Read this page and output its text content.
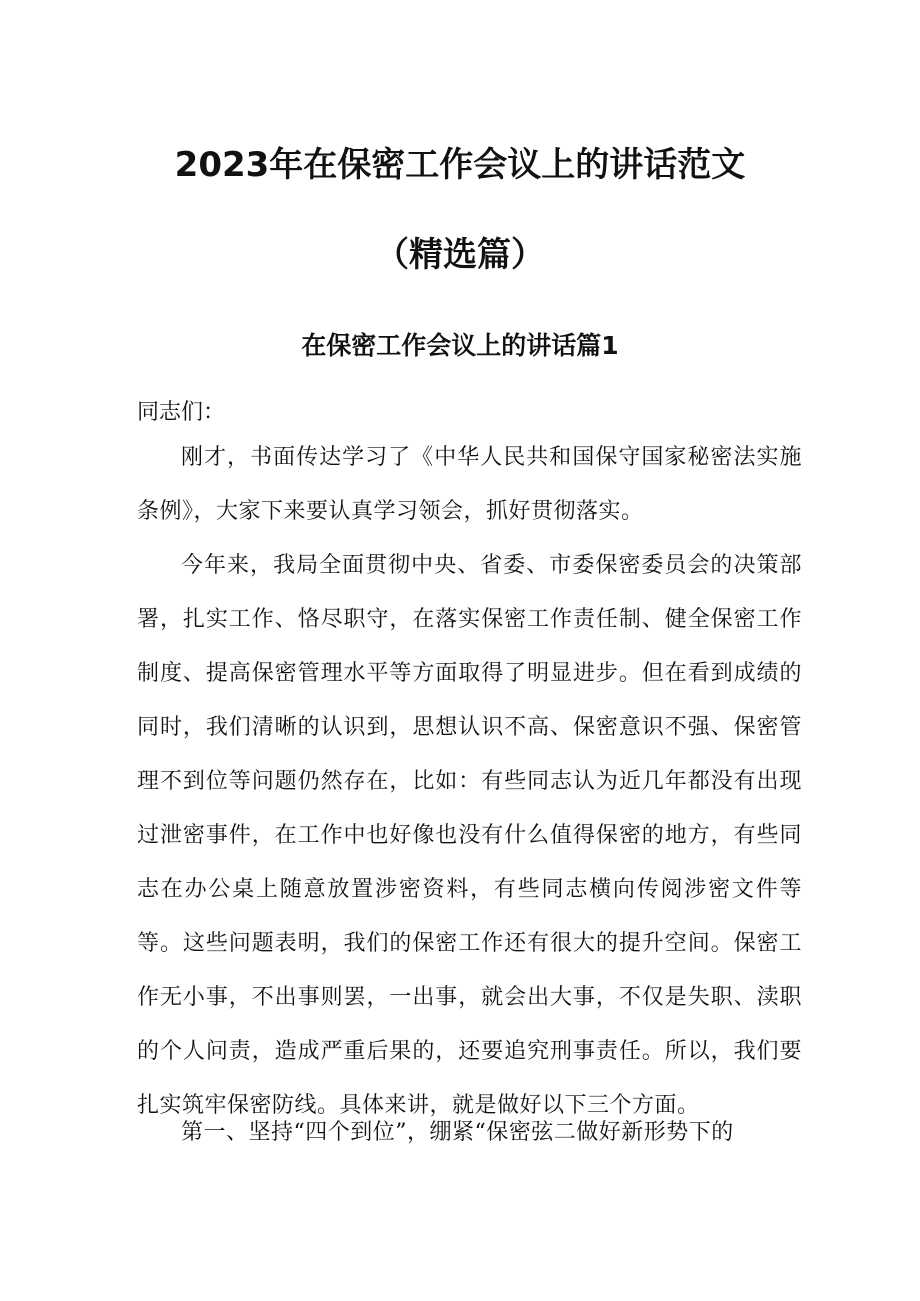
2023年在保密工作会议上的讲话范文
（精选篇）
在保密工作会议上的讲话篇1

同志们：

刚才，书面传达学习了《中华人民共和国保守国家秘密法实施条例》，大家下来要认真学习领会，抓好贯彻落实。

今年来，我局全面贯彻中央、省委、市委保密委员会的决策部署，扎实工作、恪尽职守，在落实保密工作责任制、健全保密工作制度、提高保密管理水平等方面取得了明显进步。但在看到成绩的同时，我们清晰的认识到，思想认识不高、保密意识不强、保密管理不到位等问题仍然存在，比如：有些同志认为近几年都没有出现过泄密事件，在工作中也好像也没有什么值得保密的地方，有些同志在办公桌上随意放置涉密资料，有些同志横向传阅涉密文件等等。这些问题表明，我们的保密工作还有很大的提升空间。保密工作无小事，不出事则罢，一出事，就会出大事，不仅是失职、渎职的个人问责，造成严重后果的，还要追究刑事责任。所以，我们要扎实筑牢保密防线。具体来讲，就是做好以下三个方面。

第一、坚持“四个到位”，绷紧“保密弦二做好新形势下的
